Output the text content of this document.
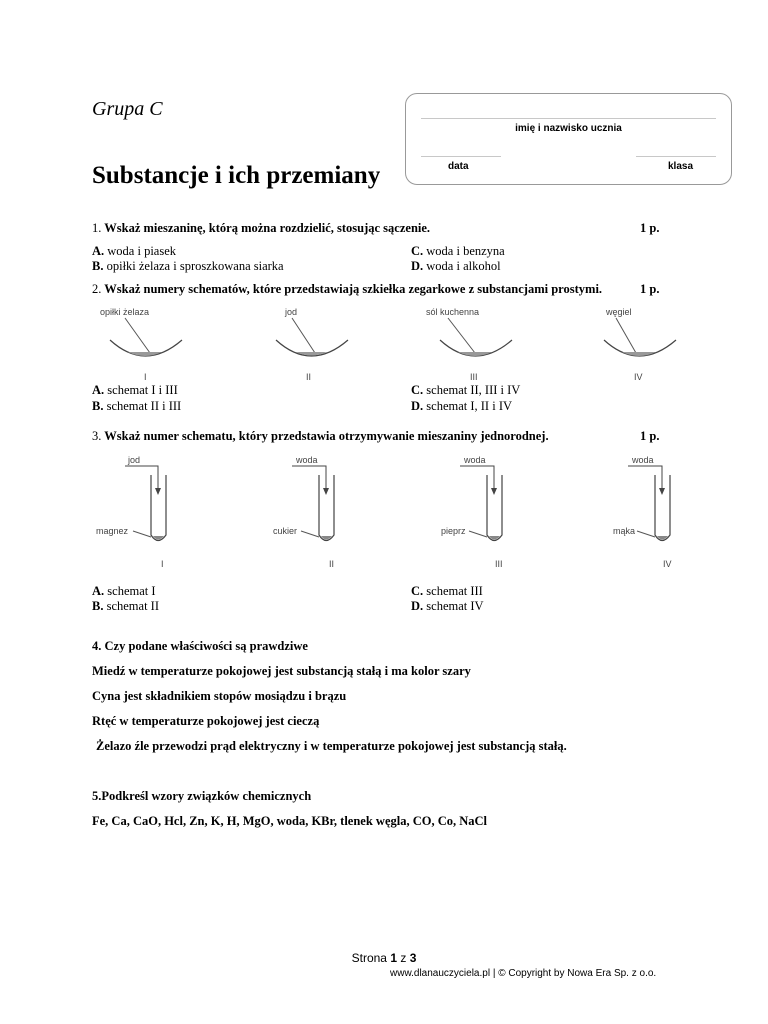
Grupa C
Substancje i ich przemiany
imię i nazwisko ucznia
data	klasa
1. Wskaż mieszaninę, którą można rozdzielić, stosując sączenie.	1 p.
A. woda i piasek
B. opiłki żelaza i sproszkowana siarka
C. woda i benzyna
D. woda i alkohol
2. Wskaż numery schematów, które przedstawiają szkiełka zegarkowe z substancjami prostymi.	1 p.
opiłki żelaza
I
jod
II
sól kuchenna
III
węgiel
IV
jod
magnez
I
woda
cukier
II
woda
pieprz
III
woda
mąka
IV
A. schemat I i III
B. schemat II i III
C. schemat II, III i IV
D. schemat I, II i IV
3. Wskaż numer schematu, który przedstawia otrzymywanie mieszaniny jednorodnej.	1 p.
A. schemat I
B. schemat II
C. schemat III
D. schemat IV
4. Czy podane właściwości są prawdziwe
Miedź w temperaturze pokojowej jest substancją stałą i ma kolor szary
Cyna jest składnikiem stopów mosiądzu i brązu
Rtęć w temperaturze pokojowej jest cieczą
Żelazo źle przewodzi prąd elektryczny i w temperaturze pokojowej jest substancją stałą.
5.Podkreśl wzory związków chemicznych
Fe, Ca, CaO, Hcl, Zn, K, H, MgO, woda, KBr, tlenek węgla, CO, Co, NaCl
Strona 1 z 3
www.dlanauczyciela.pl | © Copyright by Nowa Era Sp. z o.o.
